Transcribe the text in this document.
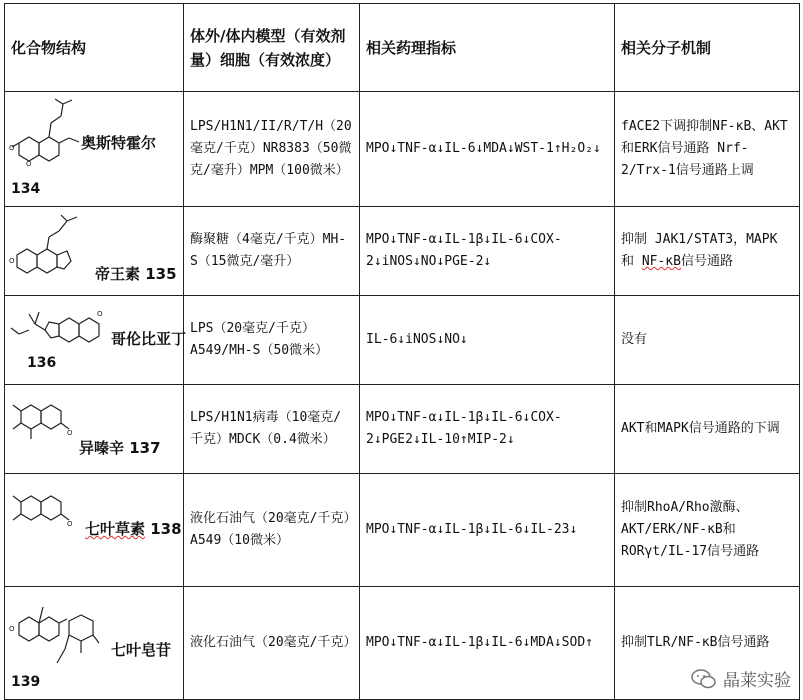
化合物结构	体外/体内模型（有效剂量）细胞（有效浓度）	相关药理指标	相关分子机制

O
O
奥斯特霍尔
134	LPS/H1N1/II/R/T/H（20毫克/千克）NR8383（50微克/毫升）MPM（100微米）	MPO↓TNF-α↓IL-6↓MDA↓WST-1↑H₂O₂↓	fACE2下调抑制NF-κB、AKT和ERK信号通路 Nrf-2/Trx-1信号通路上调

O
帝王素 135	酶聚糖（4毫克/千克）MH-S（15微克/毫升）	MPO↓TNF-α↓IL-1β↓IL-6↓COX-2↓iNOS↓NO↓PGE-2↓	抑制 JAK1/STAT3，MAPK 和 NF-κB信号通路

O
哥伦比亚丁
136	LPS（20毫克/千克）A549/MH-S（50微米）	IL-6↓iNOS↓NO↓	没有

O
异嗪辛 137	LPS/H1N1病毒（10毫克/千克）MDCK（0.4微米）	MPO↓TNF-α↓IL-1β↓IL-6↓COX-2↓PGE2↓IL-10↑MIP-2↓	AKT和MAPK信号通路的下调

O 七叶草素 138	液化石油气（20毫克/千克）A549（10微米）	MPO↓TNF-α↓IL-1β↓IL-6↓IL-23↓	抑制RhoA/Rho激酶、AKT/ERK/NF-κB和RORγt/IL-17信号通路

O
七叶皂苷
139	液化石油气（20毫克/千克）	MPO↓TNF-α↓IL-1β↓IL-6↓MDA↓SOD↑	抑制TLR/NF-κB信号通路
晶莱实验
